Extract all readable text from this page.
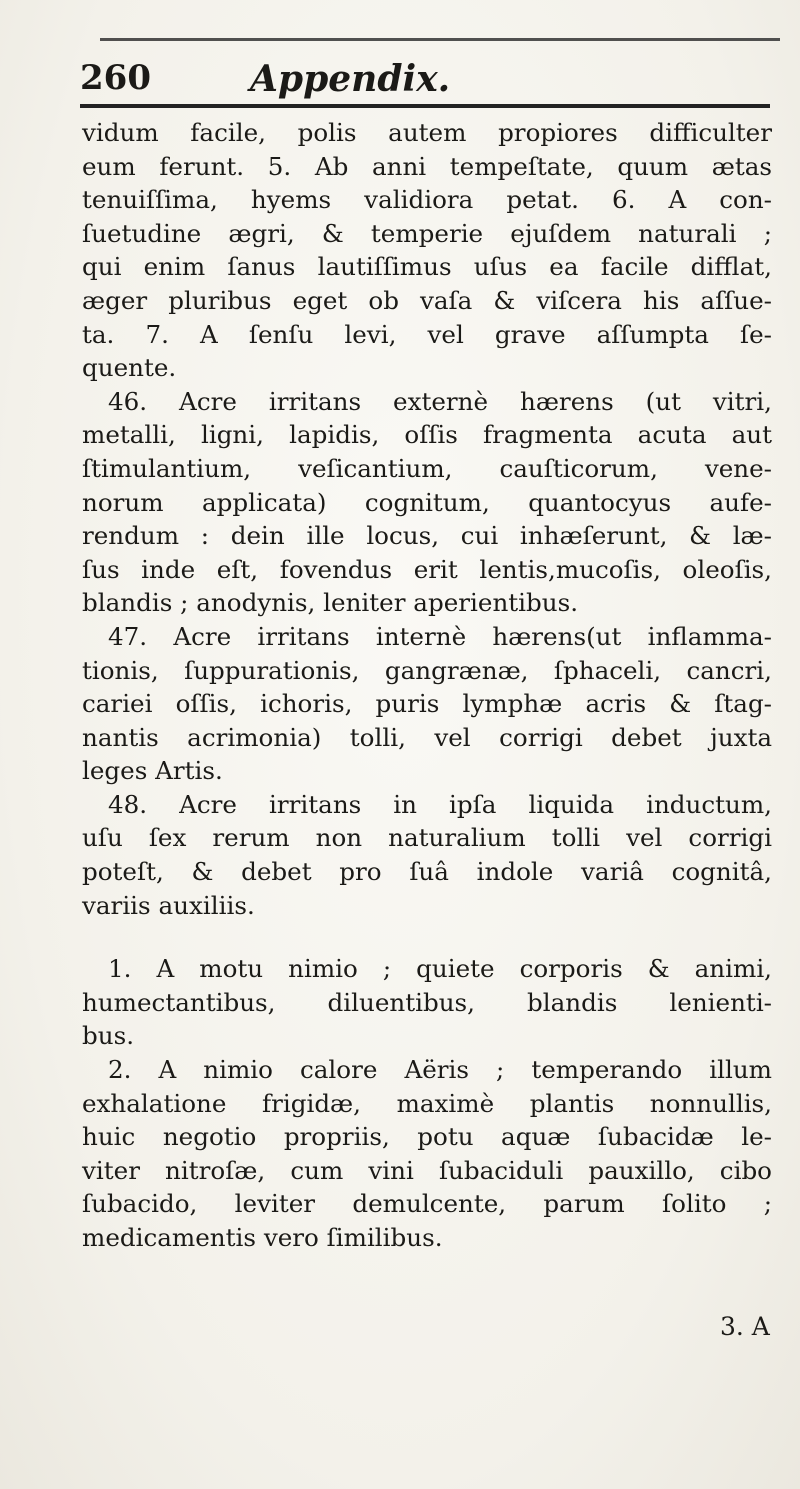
260	Appendix.
vidum facile, polis autem propiores difficulter
eum ferunt. 5. Ab anni tempeſtate, quum ætas
tenuiſſima, hyems validiora petat. 6. A con-
ſuetudine ægri, & temperie ejuſdem naturali ;
qui enim ſanus lautiſſimus uſus ea facile difflat,
æger pluribus eget ob vaſa & viſcera his aſſue-
ta. 7. A ſenſu levi, vel grave aſſumpta ſe-
quente.
46. Acre irritans externè hærens (ut vitri,
metalli, ligni, lapidis, oſſis fragmenta acuta aut
ſtimulantium, veſicantium, cauſticorum, vene-
norum applicata) cognitum, quantocyus aufe-
rendum : dein ille locus, cui inhæſerunt, & læ-
ſus inde eſt, fovendus erit lentis,mucoſis, oleoſis,
blandis ; anodynis, leniter aperientibus.
47. Acre irritans internè hærens(ut inflamma-
tionis, ſuppurationis, gangrænæ, ſphaceli, cancri,
cariei oſſis, ichoris, puris lymphæ acris & ſtag-
nantis acrimonia) tolli, vel corrigi debet juxta
leges Artis.
48. Acre irritans in ipſa liquida inductum,
uſu ſex rerum non naturalium tolli vel corrigi
poteſt, & debet pro ſuâ indole variâ cognitâ,
variis auxiliis.
1. A motu nimio ; quiete corporis & animi,
humectantibus, diluentibus, blandis lenienti-
bus.
2. A nimio calore Aëris ; temperando illum
exhalatione frigidæ, maximè plantis nonnullis,
huic negotio propriis, potu aquæ ſubacidæ le-
viter nitroſæ, cum vini ſubaciduli pauxillo, cibo
ſubacido, leviter demulcente, parum ſolito ;
medicamentis vero ſimilibus.
3. A
